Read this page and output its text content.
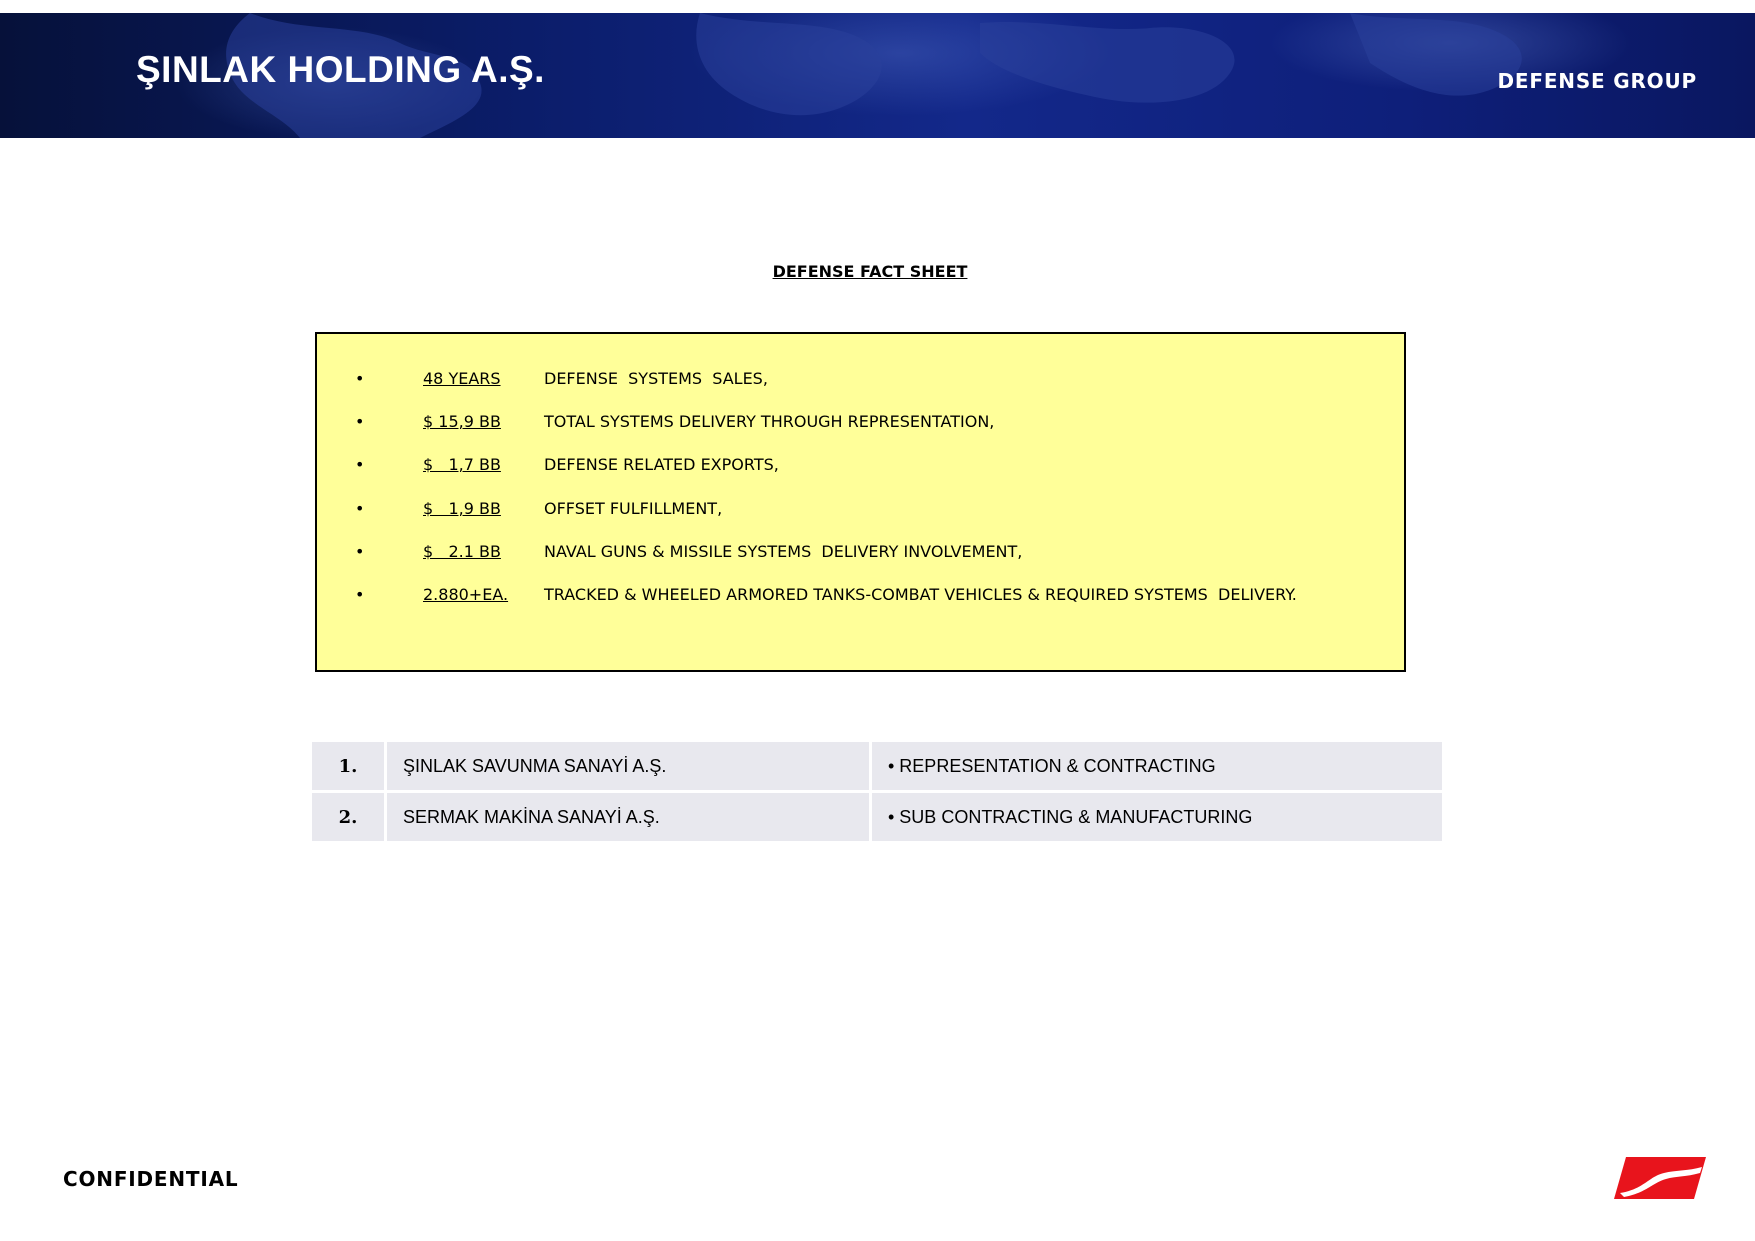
ŞINLAK HOLDING A.Ş.	DEFENSE GROUP
DEFENSE FACT SHEET
•	48 YEARS	DEFENSE  SYSTEMS  SALES,
•	$ 15,9 BB	TOTAL SYSTEMS DELIVERY THROUGH REPRESENTATION,
•	$   1,7 BB	DEFENSE RELATED EXPORTS,
•	$   1,9 BB	OFFSET FULFILLMENT,
•	$   2.1 BB	NAVAL GUNS & MISSILE SYSTEMS  DELIVERY INVOLVEMENT,
•	2.880+EA. TRACKED & WHEELED ARMORED TANKS-COMBAT VEHICLES & REQUIRED SYSTEMS  DELIVERY.
1.	ŞINLAK SAVUNMA SANAYİ A.Ş.	• REPRESENTATION & CONTRACTING
2.	SERMAK MAKİNA SANAYİ A.Ş.	• SUB CONTRACTING & MANUFACTURING
CONFIDENTIAL
